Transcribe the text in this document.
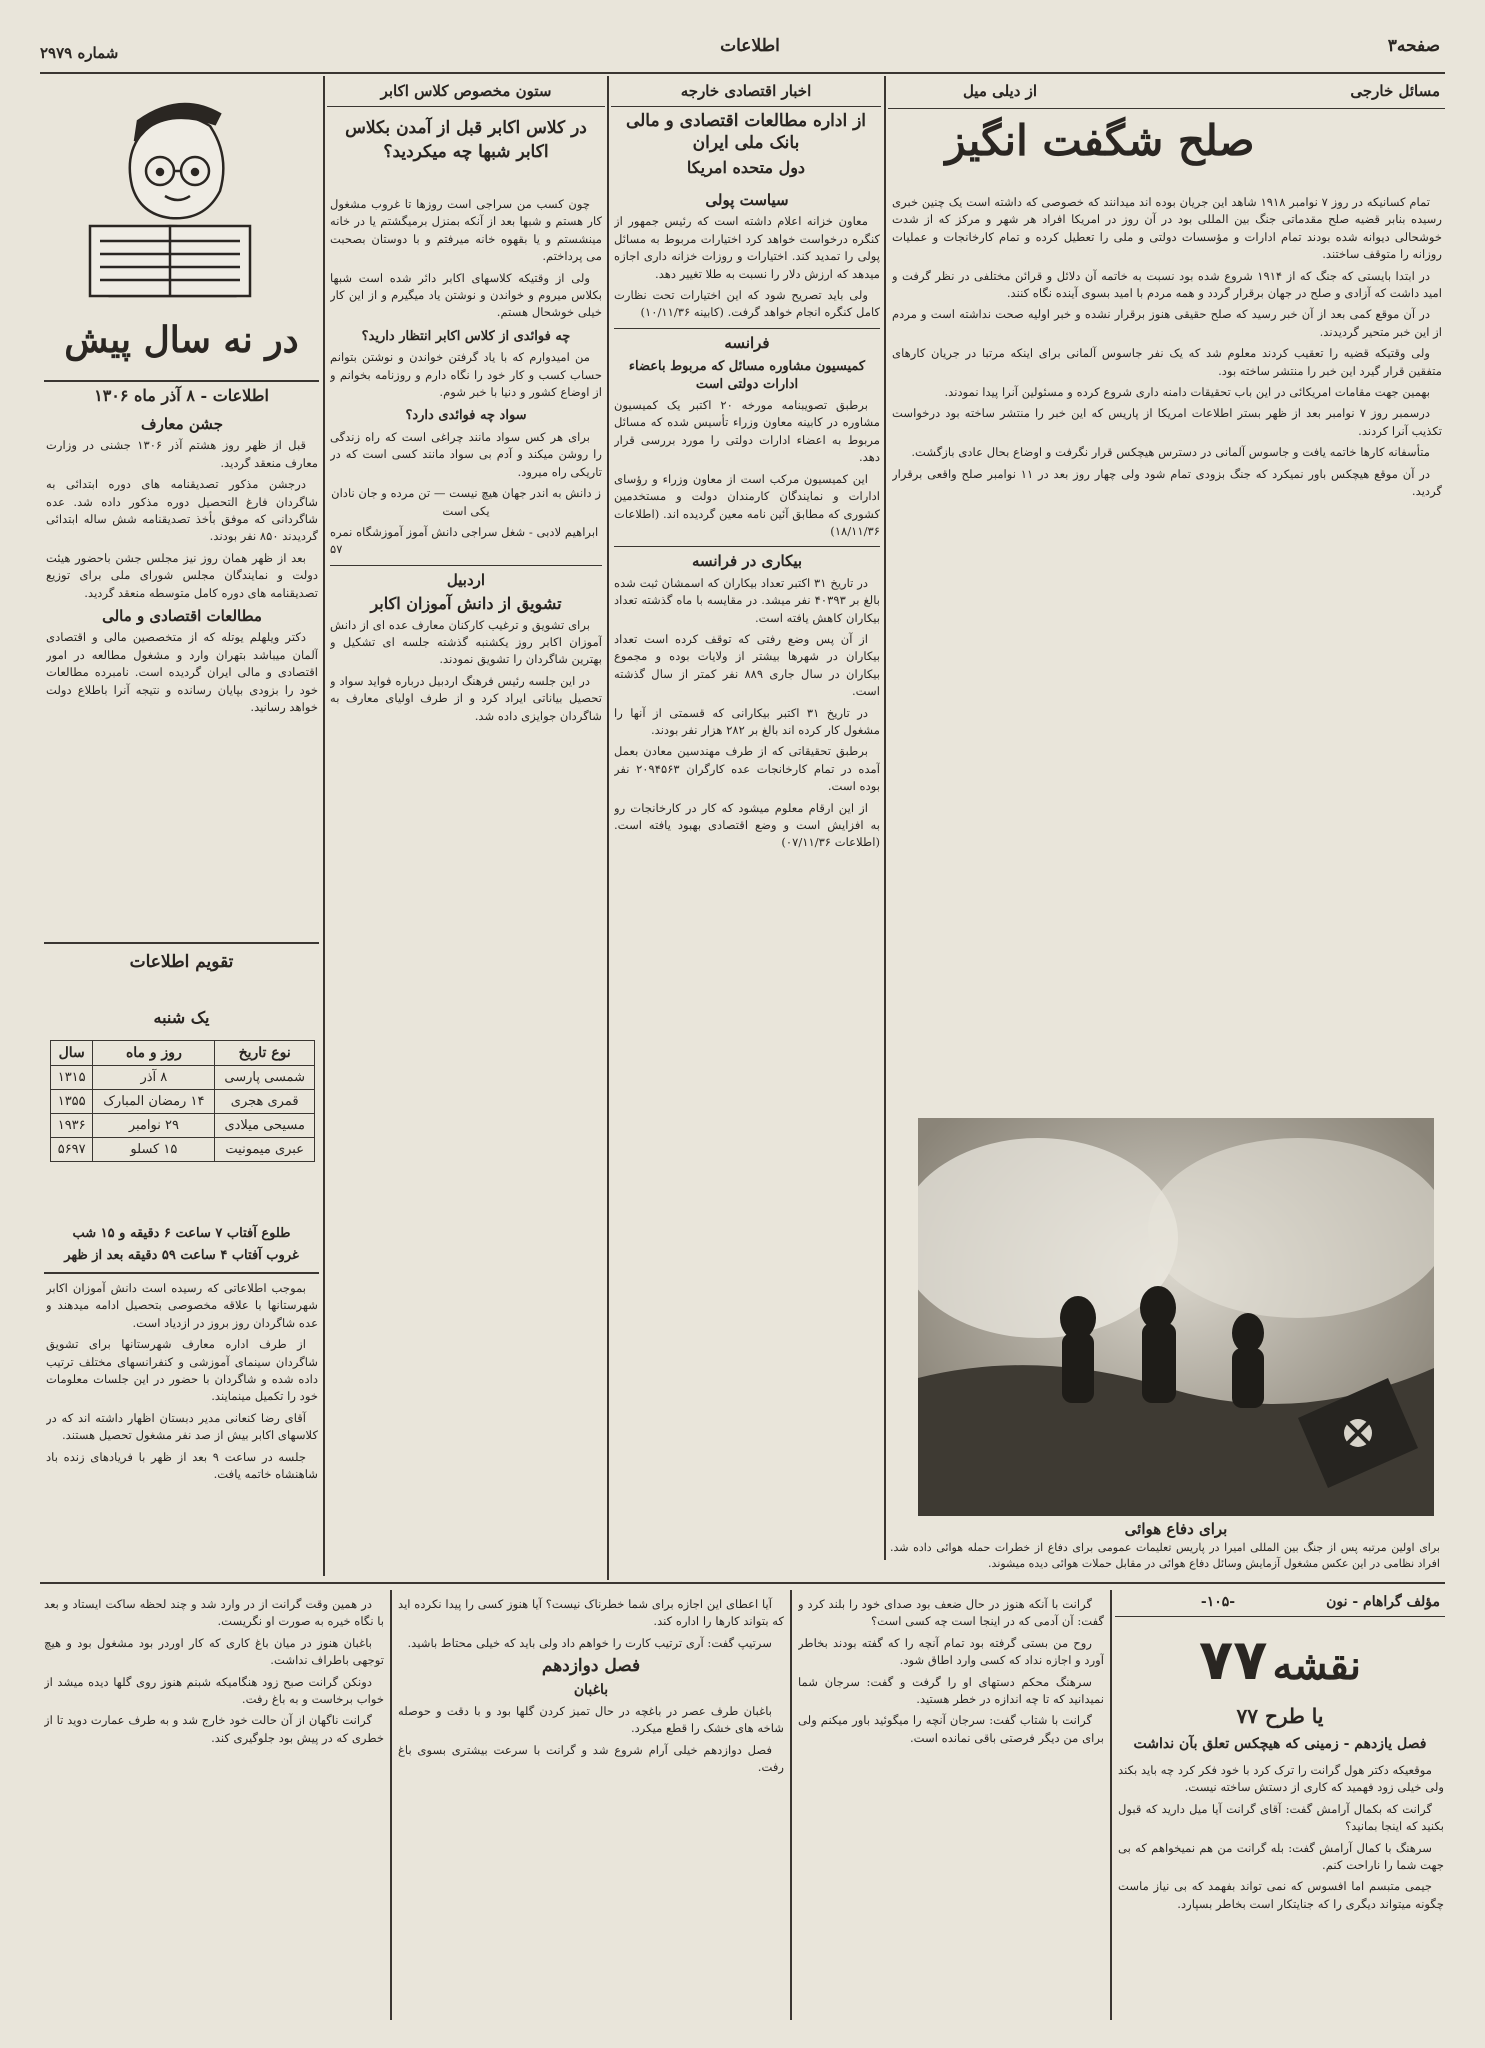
صفحه۳
اطلاعات
شماره ۲۹۷۹
مسائل خارجی
از دیلی میل
صلح شگفت انگیز

تمام کسانیکه در روز ۷ نوامبر ۱۹۱۸ شاهد این جریان بوده اند میدانند که خصوصی که داشته است یک چنین خبری رسیده بنابر قضیه صلح مقدماتی جنگ بین المللی بود در آن روز در امریکا افراد هر شهر و مرکز که از شدت خوشحالی دیوانه شده بودند تمام ادارات و مؤسسات دولتی و ملی را تعطیل کرده و تمام کارخانجات و عملیات روزانه را متوقف ساختند.

در ابتدا بایستی که جنگ که از ۱۹۱۴ شروع شده بود نسبت به خاتمه آن دلائل و قرائن مختلفی در نظر گرفت و امید داشت که آزادی و صلح در جهان برقرار گردد و همه مردم با امید بسوی آینده نگاه کنند.

در آن موقع کمی بعد از آن خبر رسید که صلح حقیقی هنوز برقرار نشده و خبر اولیه صحت نداشته است و مردم از این خبر متحیر گردیدند.

ولی وقتیکه قضیه را تعقیب کردند معلوم شد که یک نفر جاسوس آلمانی برای اینکه مرتبا در جریان کارهای متفقین قرار گیرد این خبر را منتشر ساخته بود.

بهمین جهت مقامات امریکائی در این باب تحقیقات دامنه داری شروع کرده و مسئولین آنرا پیدا نمودند.

درسمبر روز ۷ نوامبر بعد از ظهر بستر اطلاعات امریکا از پاریس که این خبر را منتشر ساخته بود درخواست تکذیب آنرا کردند.

متأسفانه کارها خاتمه یافت و جاسوس آلمانی در دسترس هیچکس قرار نگرفت و اوضاع بحال عادی بازگشت.

در آن موقع هیچکس باور نمیکرد که جنگ بزودی تمام شود ولی چهار روز بعد در ۱۱ نوامبر صلح واقعی برقرار گردید.

برای دفاع هوائی
برای اولین مرتبه پس از جنگ بین المللی امیرا در پاریس تعلیمات عمومی برای دفاع از خطرات حمله هوائی داده شد. افراد نظامی در این عکس مشغول آزمایش وسائل دفاع هوائی در مقابل حملات هوائی دیده میشوند.
اخبار اقتصادی خارجه
از اداره مطالعات اقتصادی و مالی بانک ملی ایران
دول متحده امریکا
سیاست پولی

معاون خزانه اعلام داشته است که رئیس جمهور از کنگره درخواست خواهد کرد اختیارات مربوط به مسائل پولی را تمدید کند. اختیارات و روزات خزانه داری اجازه میدهد که ارزش دلار را نسبت به طلا تغییر دهد.

ولی باید تصریح شود که این اختیارات تحت نظارت کامل کنگره انجام خواهد گرفت. (کابینه ۱۰/۱۱/۳۶)

فرانسه
کمیسیون مشاوره مسائل که مربوط باعضاء ادارات دولتی است

برطبق تصویبنامه مورخه ۲۰ اکتبر یک کمیسیون مشاوره در کابینه معاون وزراء تأسیس شده که مسائل مربوط به اعضاء ادارات دولتی را مورد بررسی قرار دهد.

این کمیسیون مرکب است از معاون وزراء و رؤسای ادارات و نمایندگان کارمندان دولت و مستخدمین کشوری که مطابق آئین نامه معین گردیده اند. (اطلاعات ۱۸/۱۱/۳۶)

بیکاری در فرانسه

در تاریخ ۳۱ اکتبر تعداد بیکاران که اسمشان ثبت شده بالغ بر ۴۰۳۹۳ نفر میشد. در مقایسه با ماه گذشته تعداد بیکاران کاهش یافته است.

از آن پس وضع رفتی که توقف کرده است تعداد بیکاران در شهرها بیشتر از ولایات بوده و مجموع بیکاران در سال جاری ۸۸۹ نفر کمتر از سال گذشته است.

در تاریخ ۳۱ اکتبر بیکارانی که قسمتی از آنها را مشغول کار کرده اند بالغ بر ۲۸۲ هزار نفر بودند.

برطبق تحقیقاتی که از طرف مهندسین معادن بعمل آمده در تمام کارخانجات عده کارگران ۲۰۹۴۵۶۳ نفر بوده است.

از این ارقام معلوم میشود که کار در کارخانجات رو به افزایش است و وضع اقتصادی بهبود یافته است. (اطلاعات ۰۷/۱۱/۳۶)

ستون مخصوص کلاس اکابر
در کلاس اکابر قبل از آمدن بکلاس اکابر شبها چه میکردید؟

چون کسب من سراجی است روزها تا غروب مشغول کار هستم و شبها بعد از آنکه بمنزل برمیگشتم یا در خانه مینشستم و یا بقهوه خانه میرفتم و با دوستان بصحبت می پرداختم.

ولی از وقتیکه کلاسهای اکابر دائر شده است شبها بکلاس میروم و خواندن و نوشتن یاد میگیرم و از این کار خیلی خوشحال هستم.

چه فوائدی از کلاس اکابر انتظار دارید؟

من امیدوارم که با یاد گرفتن خواندن و نوشتن بتوانم حساب کسب و کار خود را نگاه دارم و روزنامه بخوانم و از اوضاع کشور و دنیا با خبر شوم.

سواد چه فوائدی دارد؟

برای هر کس سواد مانند چراغی است که راه زندگی را روشن میکند و آدم بی سواد مانند کسی است که در تاریکی راه میرود.

ز دانش به اندر جهان هیچ نیست — تن مرده و جان نادان یکی است

ابراهیم لادبی - شغل سراجی دانش آموز آموزشگاه نمره ۵۷

اردبیل
تشویق از دانش آموزان اکابر

برای تشویق و ترغیب کارکنان معارف عده ای از دانش آموزان اکابر روز یکشنبه گذشته جلسه ای تشکیل و بهترین شاگردان را تشویق نمودند.

در این جلسه رئیس فرهنگ اردبیل درباره فواید سواد و تحصیل بیاناتی ایراد کرد و از طرف اولیای معارف به شاگردان جوایزی داده شد.

در نه سال پیش
اطلاعات - ۸ آذر ماه ۱۳۰۶
جشن معارف

قبل از ظهر روز هشتم آذر ۱۳۰۶ جشنی در وزارت معارف منعقد گردید.

درجشن مذکور تصدیقنامه های دوره ابتدائی به شاگردان فارغ التحصیل دوره مذکور داده شد. عده شاگردانی که موفق بأخذ تصدیقنامه شش ساله ابتدائی گردیدند ۸۵۰ نفر بودند.

بعد از ظهر همان روز نیز مجلس جشن باحضور هیئت دولت و نمایندگان مجلس شورای ملی برای توزیع تصدیقنامه های دوره کامل متوسطه منعقد گردید.

مطالعات اقتصادی و مالی

دکتر ویلهلم یوتله که از متخصصین مالی و اقتصادی آلمان میباشد بتهران وارد و مشغول مطالعه در امور اقتصادی و مالی ایران گردیده است. نامبرده مطالعات خود را بزودی بپایان رسانده و نتیجه آنرا باطلاع دولت خواهد رسانید.

تقویم اطلاعات
یک شنبه
نوع تاریخ	روز و ماه	سال
شمسی پارسی	۸ آذر	۱۳۱۵
قمری هجری	۱۴ رمضان المبارک	۱۳۵۵
مسیحی میلادی	۲۹ نوامبر	۱۹۳۶
عبری میمونیت	۱۵ کسلو	۵۶۹۷
طلوع آفتاب ۷ ساعت ۶ دقیقه و ۱۵ شب
غروب آفتاب ۴ ساعت ۵۹ دقیقه بعد از ظهر

بموجب اطلاعاتی که رسیده است دانش آموزان اکابر شهرستانها با علاقه مخصوصی بتحصیل ادامه میدهند و عده شاگردان روز بروز در ازدیاد است.

از طرف اداره معارف شهرستانها برای تشویق شاگردان سینمای آموزشی و کنفرانسهای مختلف ترتیب داده شده و شاگردان با حضور در این جلسات معلومات خود را تکمیل مینمایند.

آقای رضا کنعانی مدیر دبستان اظهار داشته اند که در کلاسهای اکابر بیش از صد نفر مشغول تحصیل هستند.

جلسه در ساعت ۹ بعد از ظهر با فریادهای زنده باد شاهنشاه خاتمه یافت.

مؤلف گراهام - نون
-۱۰۵-
نقشه ۷۷
یا طرح ۷۷
فصل یازدهم - زمینی که هیچکس تعلق بآن نداشت

موقعیکه دکتر هول گرانت را ترک کرد با خود فکر کرد چه باید بکند ولی خیلی زود فهمید که کاری از دستش ساخته نیست.

گرانت که بکمال آرامش گفت: آقای گرانت آیا میل دارید که قبول بکنید که اینجا بمانید؟

سرهنگ با کمال آرامش گفت: بله گرانت من هم نمیخواهم که بی جهت شما را ناراحت کنم.

جیمی متبسم اما افسوس که نمی تواند بفهمد که بی نیاز ماست چگونه میتواند دیگری را که جنایتکار است بخاطر بسپارد.

گرانت با آنکه هنوز در حال ضعف بود صدای خود را بلند کرد و گفت: آن آدمی که در اینجا است چه کسی است؟

روح من بستی گرفته بود تمام آنچه را که گفته بودند بخاطر آورد و اجازه نداد که کسی وارد اطاق شود.

سرهنگ محکم دستهای او را گرفت و گفت: سرجان شما نمیدانید که تا چه اندازه در خطر هستید.

گرانت با شتاب گفت: سرجان آنچه را میگوئید باور میکنم ولی برای من دیگر فرصتی باقی نمانده است.

آیا اعطای این اجازه برای شما خطرناک نیست؟ آیا هنوز کسی را پیدا نکرده اید که بتواند کارها را اداره کند.

سرتیپ گفت: آری ترتیب کارت را خواهم داد ولی باید که خیلی محتاط باشید.

فصل دوازدهم
باغبان

باغبان طرف عصر در باغچه در حال تمیز کردن گلها بود و با دقت و حوصله شاخه های خشک را قطع میکرد.

فصل دوازدهم خیلی آرام شروع شد و گرانت با سرعت بیشتری بسوی باغ رفت.

در همین وقت گرانت از در وارد شد و چند لحظه ساکت ایستاد و بعد با نگاه خیره به صورت او نگریست.

باغبان هنوز در میان باغ کاری که کار اوردر بود مشغول بود و هیچ توجهی باطراف نداشت.

دونکن گرانت صبح زود هنگامیکه شبنم هنوز روی گلها دیده میشد از خواب برخاست و به باغ رفت.

گرانت ناگهان از آن حالت خود خارج شد و به طرف عمارت دوید تا از خطری که در پیش بود جلوگیری کند.
